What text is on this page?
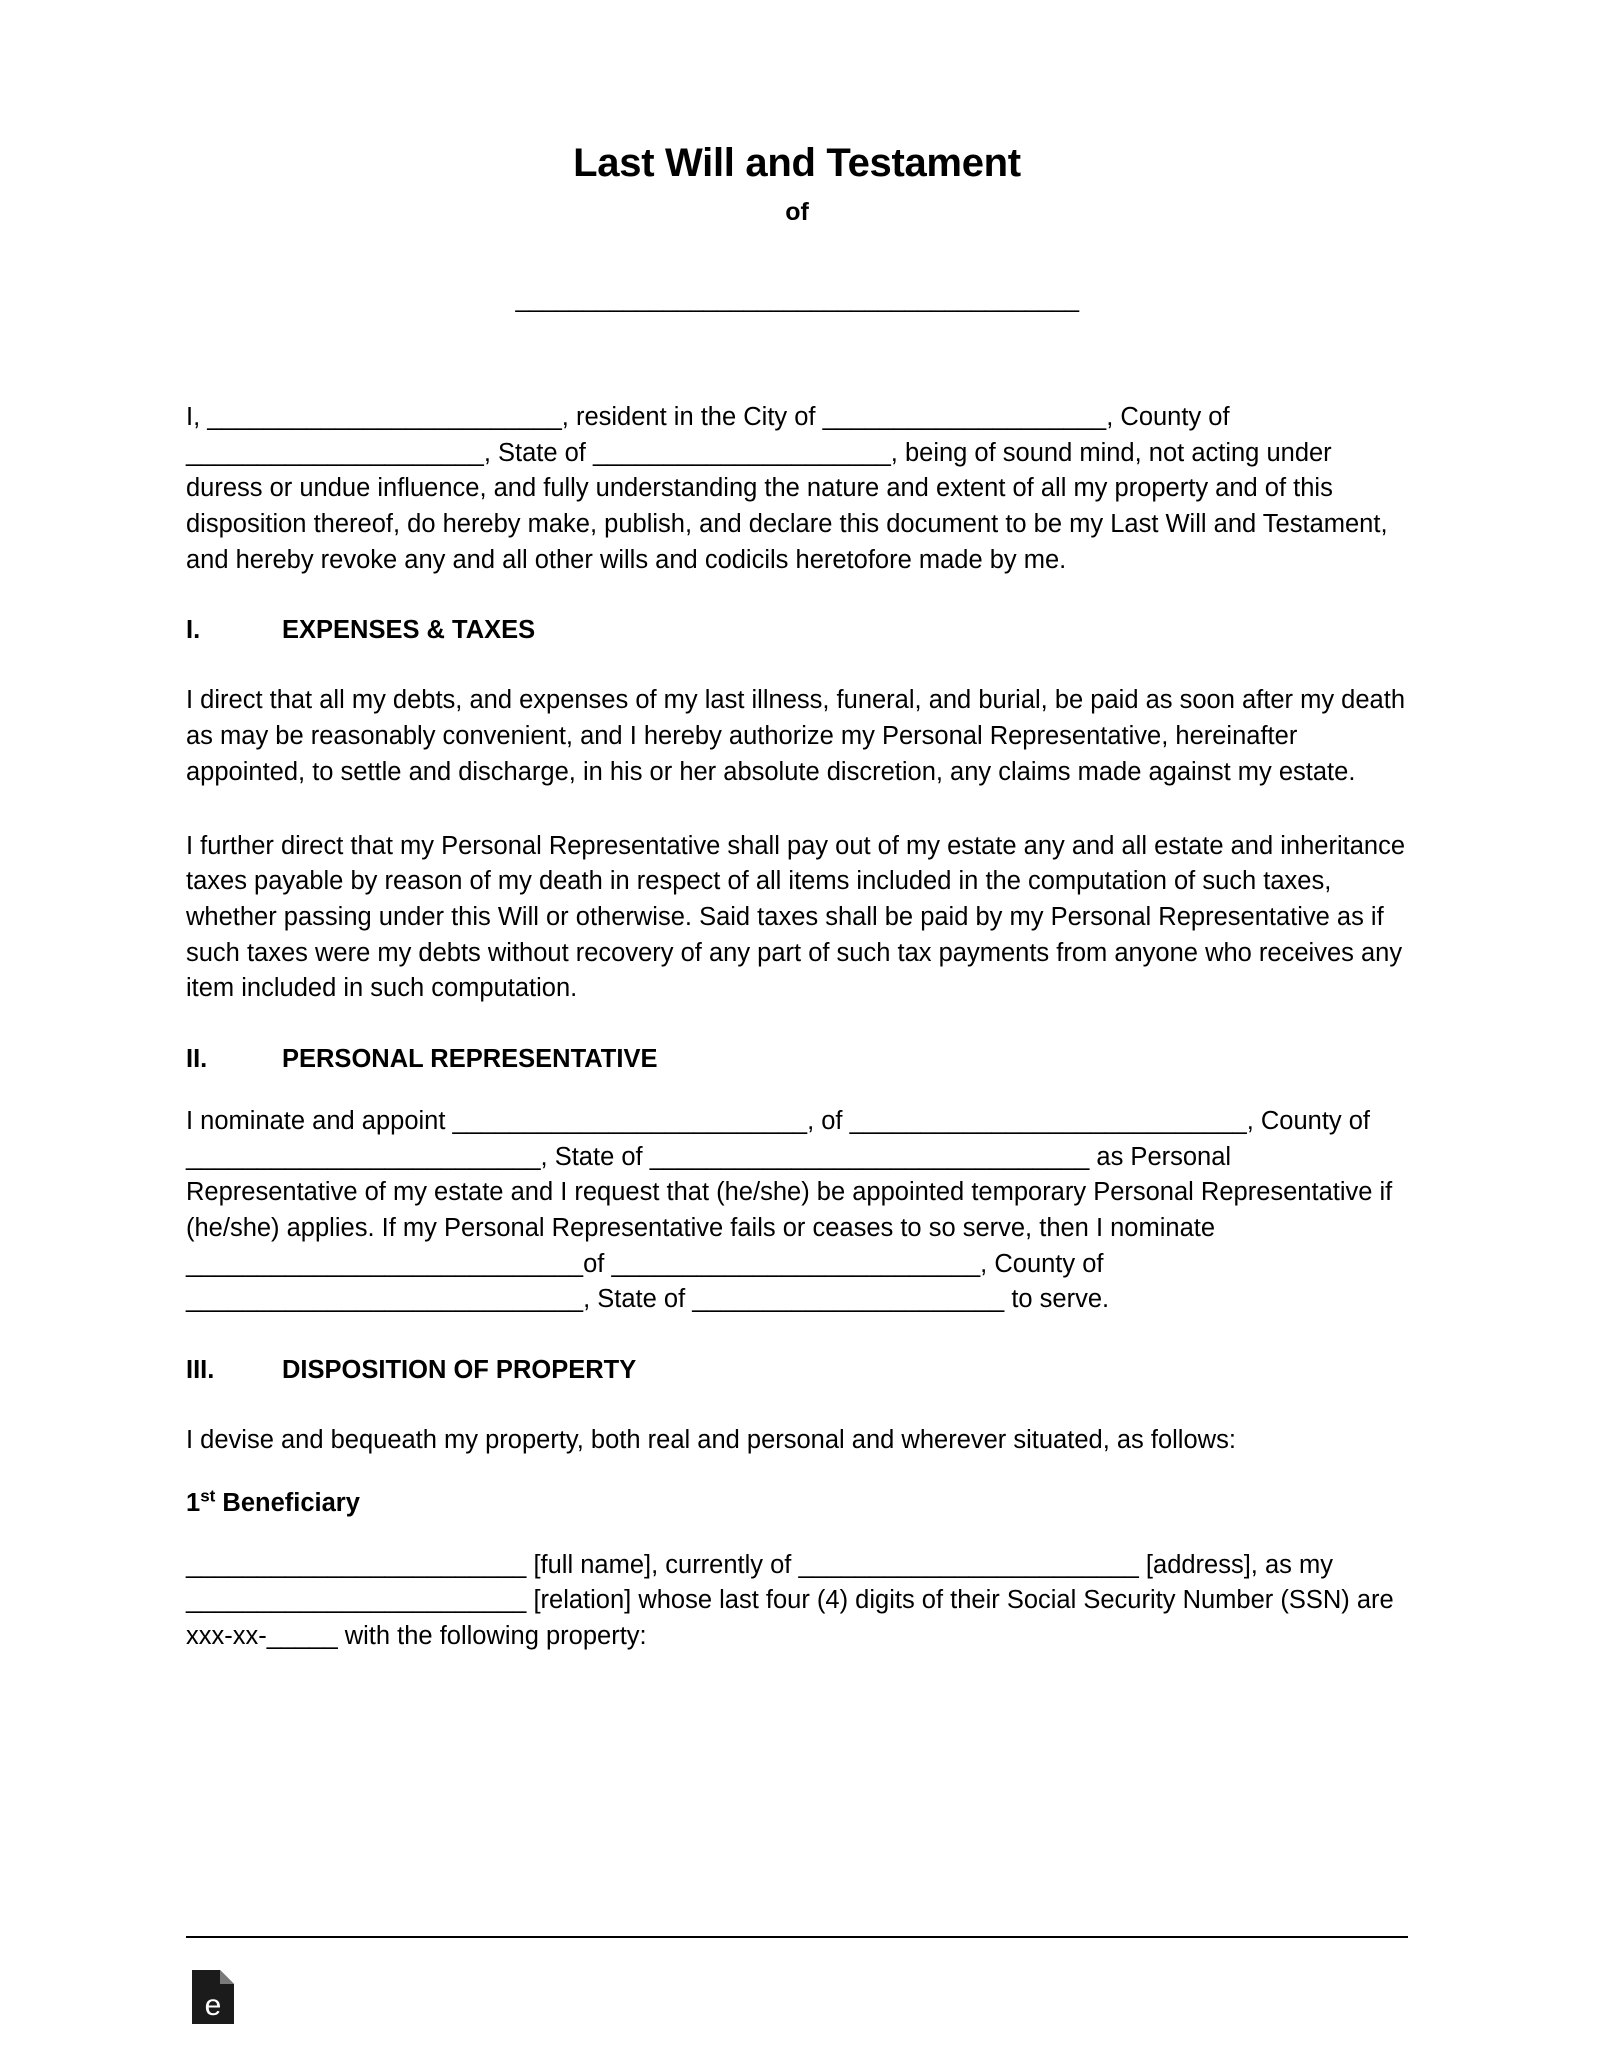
Last Will and Testament
of
__________________________________________

I, _________________________, resident in the City of ____________________, County of _____________________, State of _____________________, being of sound mind, not acting under duress or undue influence, and fully understanding the nature and extent of all my property and of this disposition thereof, do hereby make, publish, and declare this document to be my Last Will and Testament, and hereby revoke any and all other wills and codicils heretofore made by me.

I.	EXPENSES & TAXES

I direct that all my debts, and expenses of my last illness, funeral, and burial, be paid as soon after my death as may be reasonably convenient, and I hereby authorize my Personal Representative, hereinafter appointed, to settle and discharge, in his or her absolute discretion, any claims made against my estate.

I further direct that my Personal Representative shall pay out of my estate any and all estate and inheritance taxes payable by reason of my death in respect of all items included in the computation of such taxes, whether passing under this Will or otherwise. Said taxes shall be paid by my Personal Representative as if such taxes were my debts without recovery of any part of such tax payments from anyone who receives any item included in such computation.

II.	PERSONAL REPRESENTATIVE

I nominate and appoint _________________________, of ____________________________, County of _________________________, State of _______________________________ as Personal Representative of my estate and I request that (he/she) be appointed temporary Personal Representative if (he/she) applies. If my Personal Representative fails or ceases to so serve, then I nominate ____________________________of __________________________, County of ____________________________, State of ______________________ to serve.

III.	DISPOSITION OF PROPERTY

I devise and bequeath my property, both real and personal and wherever situated, as follows:

1st Beneficiary

________________________ [full name], currently of ________________________ [address], as my ________________________ [relation] whose last four (4) digits of their Social Security Number (SSN) are xxx-xx-_____ with the following property:

e
